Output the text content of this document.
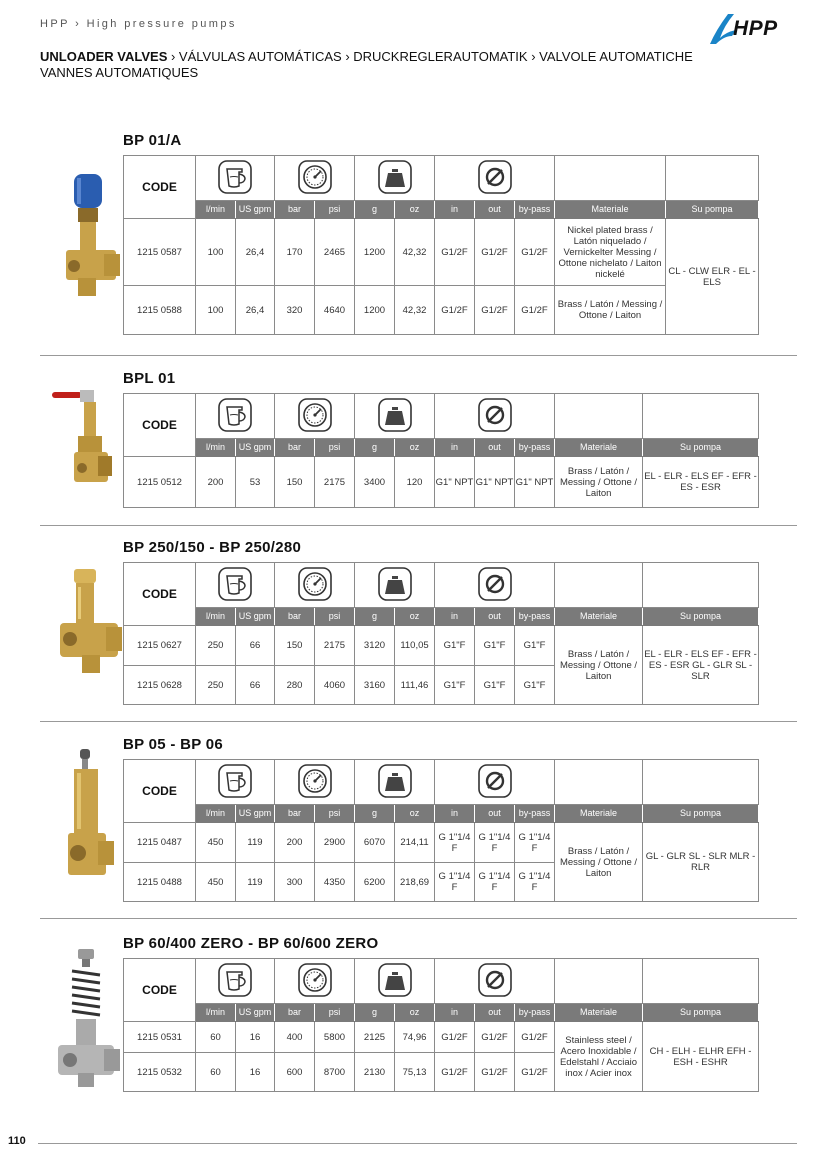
HPP › High pressure pumps	HPP
UNLOADER VALVES › VÁLVULAS AUTOMÁTICAS › DRUCKREGLERAUTOMATIK › VALVOLE AUTOMATICHE
VANNES AUTOMATIQUES
BP 01/A
CODE						
	l/min	US gpm	bar	psi	g	oz	in	out	by-pass	Materiale	Su pompa
1215 0587	100	26,4	170	2465	1200	42,32	G1/2F	G1/2F	G1/2F	Nickel plated brass / Latón niquelado / Vernickelter Messing / Ottone nichelato / Laiton nickelé	CL - CLW ELR - EL - ELS
1215 0588	100	26,4	320	4640	1200	42,32	G1/2F	G1/2F	G1/2F	Brass / Latón / Messing / Ottone / Laiton	
BPL 01
CODE						
	l/min	US gpm	bar	psi	g	oz	in	out	by-pass	Materiale	Su pompa
1215 0512	200	53	150	2175	3400	120	G1" NPT	G1" NPT	G1" NPT	Brass / Latón / Messing / Ottone / Laiton	EL - ELR - ELS EF - EFR - ES - ESR
BP 250/150 - BP 250/280
CODE						
	l/min	US gpm	bar	psi	g	oz	in	out	by-pass	Materiale	Su pompa
1215 0627	250	66	150	2175	3120	110,05	G1"F	G1"F	G1"F	Brass / Latón / Messing / Ottone / Laiton	EL - ELR - ELS EF - EFR - ES - ESR GL - GLR SL - SLR
1215 0628	250	66	280	4060	3160	111,46	G1"F	G1"F	G1"F		
BP 05 - BP 06
CODE						
	l/min	US gpm	bar	psi	g	oz	in	out	by-pass	Materiale	Su pompa
1215 0487	450	119	200	2900	6070	214,11	G 1"1/4 F	G 1"1/4 F	G 1"1/4 F	Brass / Latón / Messing / Ottone / Laiton	GL - GLR SL - SLR MLR - RLR
1215 0488	450	119	300	4350	6200	218,69	G 1"1/4 F	G 1"1/4 F	G 1"1/4 F		
BP 60/400 ZERO - BP 60/600 ZERO
CODE						
	l/min	US gpm	bar	psi	g	oz	in	out	by-pass	Materiale	Su pompa
1215 0531	60	16	400	5800	2125	74,96	G1/2F	G1/2F	G1/2F	Stainless steel / Acero Inoxidable / Edelstahl / Acciaio inox / Acier inox	CH - ELH - ELHR EFH - ESH - ESHR
1215 0532	60	16	600	8700	2130	75,13	G1/2F	G1/2F	G1/2F		
110
